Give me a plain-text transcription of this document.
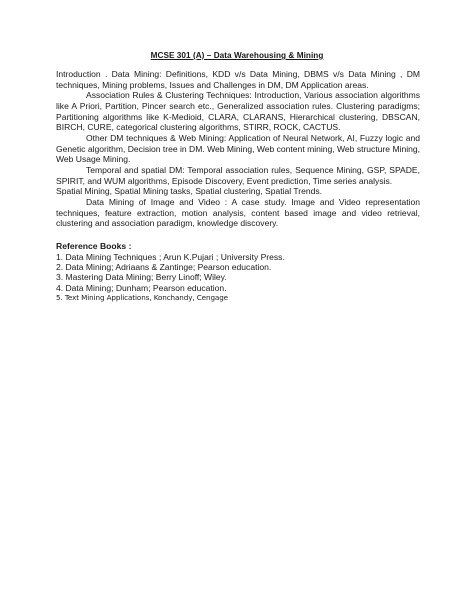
MCSE 301 (A) – Data Warehousing & Mining

Introduction . Data Mining: Definitions, KDD v/s Data Mining, DBMS v/s Data Mining , DM techniques, Mining problems, Issues and Challenges in DM, DM Application areas.

Association Rules & Clustering Techniques: Introduction, Various association algorithms like A Priori, Partition, Pincer search etc., Generalized association rules. Clustering paradigms; Partitioning algorithms like K-Medioid, CLARA, CLARANS, Hierarchical clustering, DBSCAN, BIRCH, CURE, categorical clustering algorithms, STIRR, ROCK, CACTUS.

Other DM techniques & Web Mining: Application of Neural Network, AI, Fuzzy logic and Genetic algorithm, Decision tree in DM. Web Mining, Web content mining, Web structure Mining, Web Usage Mining.

Temporal and spatial DM: Temporal association rules, Sequence Mining, GSP, SPADE, SPIRIT, and WUM algorithms, Episode Discovery, Event prediction, Time series analysis.

Spatial Mining, Spatial Mining tasks, Spatial clustering, Spatial Trends.

Data Mining of Image and Video : A case study. Image and Video representation techniques, feature extraction, motion analysis, content based image and video retrieval, clustering and association paradigm, knowledge discovery.

Reference Books :
1. Data Mining Techniques ; Arun K.Pujari ; University Press.
2. Data Mining; Adriaans & Zantinge; Pearson education.
3. Mastering Data Mining; Berry Linoff; Wiley.
4. Data Mining; Dunham; Pearson education.
5. Text Mining Applications, Konchandy, Cengage
